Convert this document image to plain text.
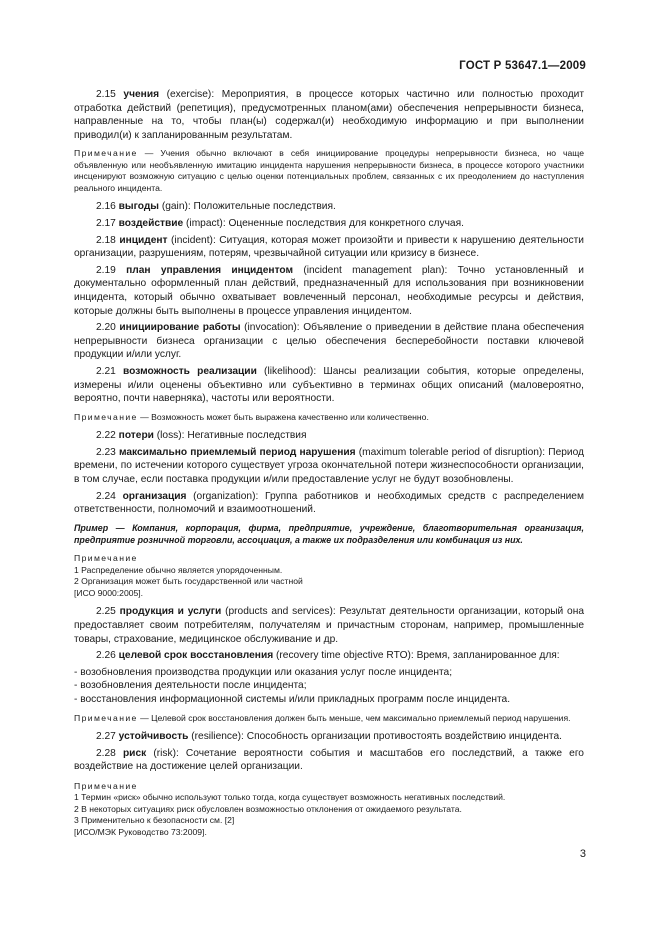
ГОСТ Р 53647.1—2009

2.15 учения (exercise): Мероприятия, в процессе которых частично или полностью проходит отработка действий (репетиция), предусмотренных планом(ами) обеспечения непрерывности бизнеса, направленные на то, чтобы план(ы) содержал(и) необходимую информацию и при выполнении приводил(и) к запланированным результатам.

Примечание — Учения обычно включают в себя инициирование процедуры непрерывности бизнеса, но чаще объявленную или необъявленную имитацию инцидента нарушения непрерывности бизнеса, в процессе которого участники инсценируют возможную ситуацию с целью оценки потенциальных проблем, связанных с их преодолением до наступления реального инцидента.

2.16 выгоды (gain): Положительные последствия.

2.17 воздействие (impact): Оцененные последствия для конкретного случая.

2.18 инцидент (incident): Ситуация, которая может произойти и привести к нарушению деятельности организации, разрушениям, потерям, чрезвычайной ситуации или кризису в бизнесе.

2.19 план управления инцидентом (incident management plan): Точно установленный и документально оформленный план действий, предназначенный для использования при возникновении инцидента, который обычно охватывает вовлеченный персонал, необходимые ресурсы и действия, которые должны быть выполнены в процессе управления инцидентом.

2.20 инициирование работы (invocation): Объявление о приведении в действие плана обеспечения непрерывности бизнеса организации с целью обеспечения бесперебойности поставки ключевой продукции и/или услуг.

2.21 возможность реализации (likelihood): Шансы реализации события, которые определены, измерены и/или оценены объективно или субъективно в терминах общих описаний (маловероятно, вероятно, почти наверняка), частоты или вероятности.

Примечание — Возможность может быть выражена качественно или количественно.

2.22 потери (loss): Негативные последствия

2.23 максимально приемлемый период нарушения (maximum tolerable period of disruption): Период времени, по истечении которого существует угроза окончательной потери жизнеспособности организации, в том случае, если поставка продукции и/или предоставление услуг не будут возобновлены.

2.24 организация (organization): Группа работников и необходимых средств с распределением ответственности, полномочий и взаимоотношений.

Пример — Компания, корпорация, фирма, предприятие, учреждение, благотворительная организация, предприятие розничной торговли, ассоциация, а также их подразделения или комбинация из них.
Примечание
1 Распределение обычно является упорядоченным.
2 Организация может быть государственной или частной
[ИСО 9000:2005].

2.25 продукция и услуги (products and services): Результат деятельности организации, который она предоставляет своим потребителям, получателям и причастным сторонам, например, промышленные товары, страхование, медицинское обслуживание и др.

2.26 целевой срок восстановления (recovery time objective RTO): Время, запланированное для:

- возобновления производства продукции или оказания услуг после инцидента;

- возобновления деятельности после инцидента;

- восстановления информационной системы и/или прикладных программ после инцидента.

Примечание — Целевой срок восстановления должен быть меньше, чем максимально приемлемый период нарушения.

2.27 устойчивость (resilience): Способность организации противостоять воздействию инцидента.

2.28 риск (risk): Сочетание вероятности события и масштабов его последствий, а также его воздействие на достижение целей организации.

Примечание
1 Термин «риск» обычно используют только тогда, когда существует возможность негативных последствий.
2 В некоторых ситуациях риск обусловлен возможностью отклонения от ожидаемого результата.
3 Применительно к безопасности см. [2]
[ИСО/МЭК Руководство 73:2009].
3
